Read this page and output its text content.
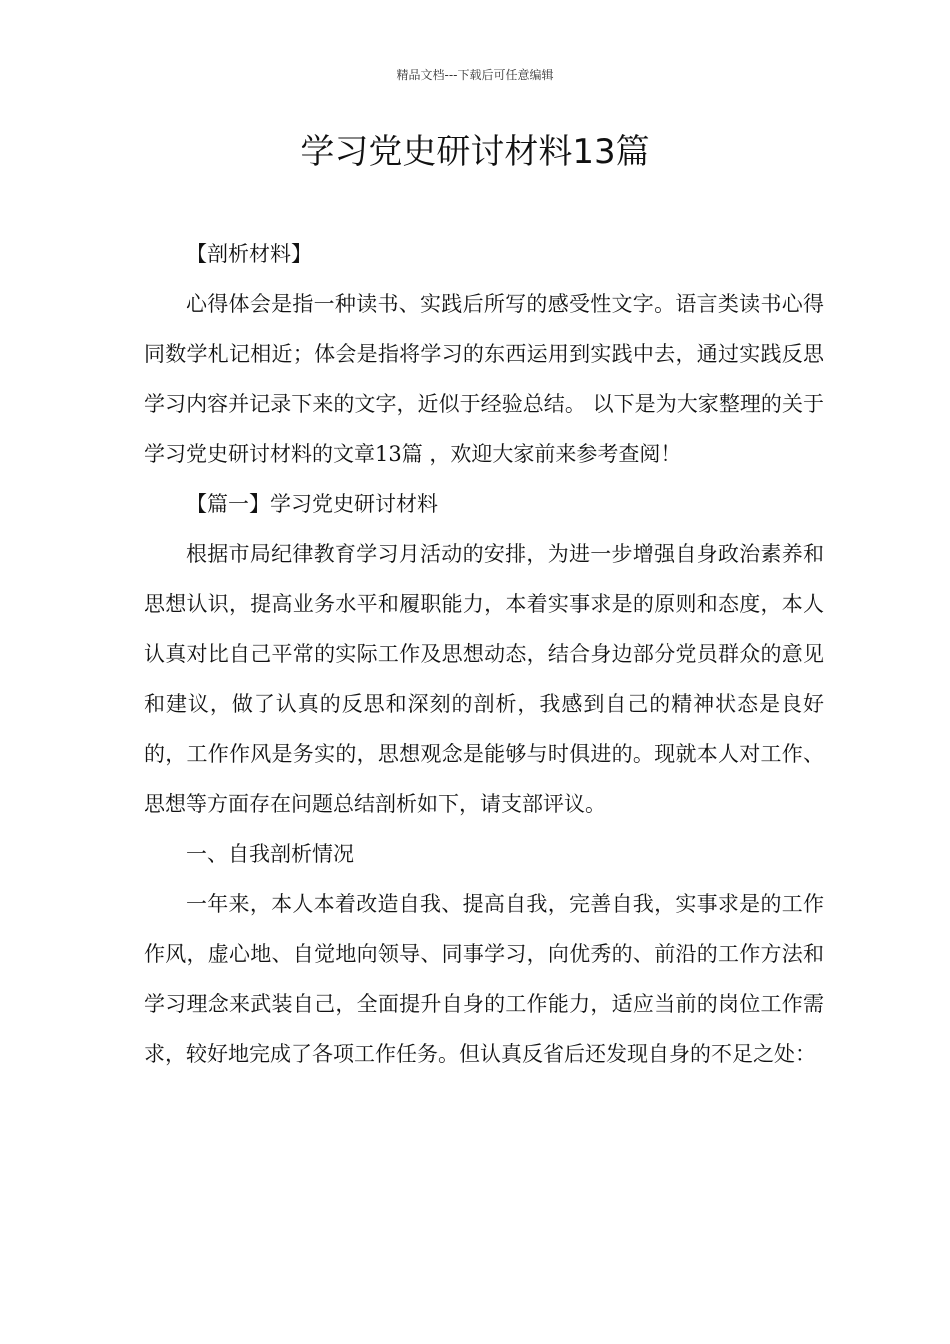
精品文档---下载后可任意编辑
学习党史研讨材料13篇

【剖析材料】

心得体会是指一种读书、实践后所写的感受性文字。语言类读书心得同数学札记相近；体会是指将学习的东西运用到实践中去，通过实践反思学习内容并记录下来的文字，近似于经验总结。 以下是为大家整理的关于学习党史研讨材料的文章13篇 ，欢迎大家前来参考查阅！

【篇一】学习党史研讨材料

根据市局纪律教育学习月活动的安排，为进一步增强自身政治素养和思想认识，提高业务水平和履职能力，本着实事求是的原则和态度，本人认真对比自己平常的实际工作及思想动态，结合身边部分党员群众的意见和建议，做了认真的反思和深刻的剖析，我感到自己的精神状态是良好的，工作作风是务实的，思想观念是能够与时俱进的。现就本人对工作、思想等方面存在问题总结剖析如下，请支部评议。

一、自我剖析情况

一年来，本人本着改造自我、提高自我，完善自我，实事求是的工作作风，虚心地、自觉地向领导、同事学习，向优秀的、前沿的工作方法和学习理念来武装自己，全面提升自身的工作能力，适应当前的岗位工作需求，较好地完成了各项工作任务。但认真反省后还发现自身的不足之处：
